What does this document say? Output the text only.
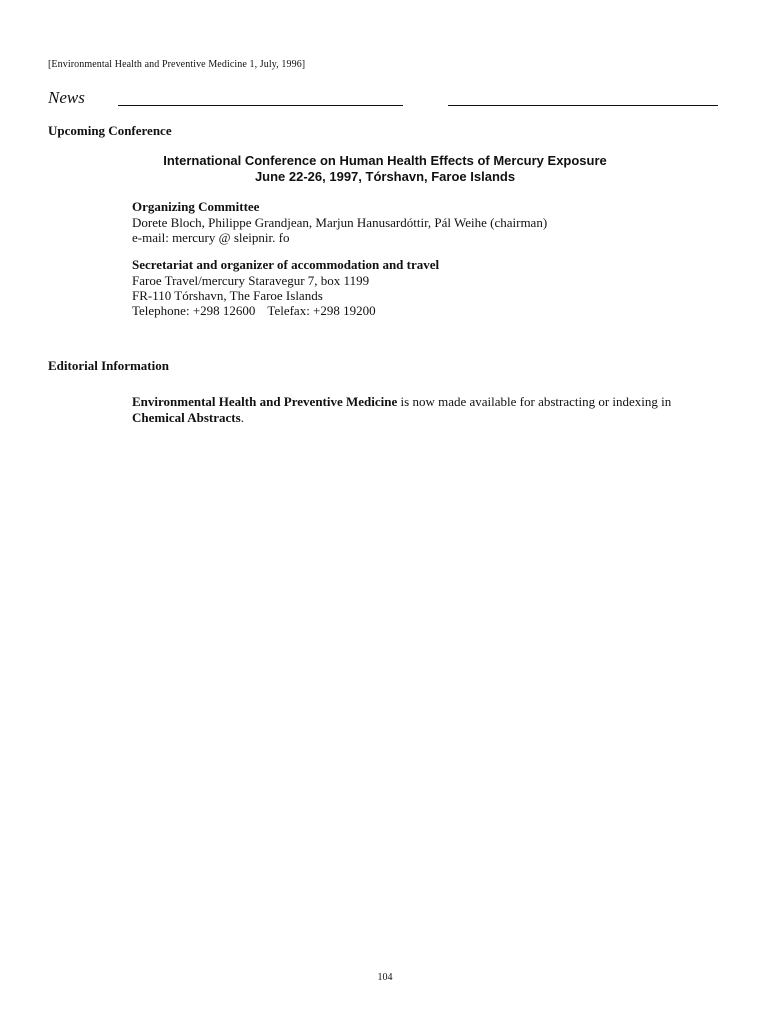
[Environmental Health and Preventive Medicine 1, July, 1996]
News
Upcoming Conference
International Conference on Human Health Effects of Mercury Exposure
June 22-26, 1997, Tórshavn, Faroe Islands
Organizing Committee
Dorete Bloch, Philippe Grandjean, Marjun Hanusardóttir, Pál Weihe (chairman)
e-mail: mercury @ sleipnir. fo
Secretariat and organizer of accommodation and travel
Faroe Travel/mercury Staravegur 7, box 1199
FR-110 Tórshavn, The Faroe Islands
Telephone: +298 12600 Telefax: +298 19200
Editorial Information
Environmental Health and Preventive Medicine is now made available for abstracting or indexing in Chemical Abstracts.
104
